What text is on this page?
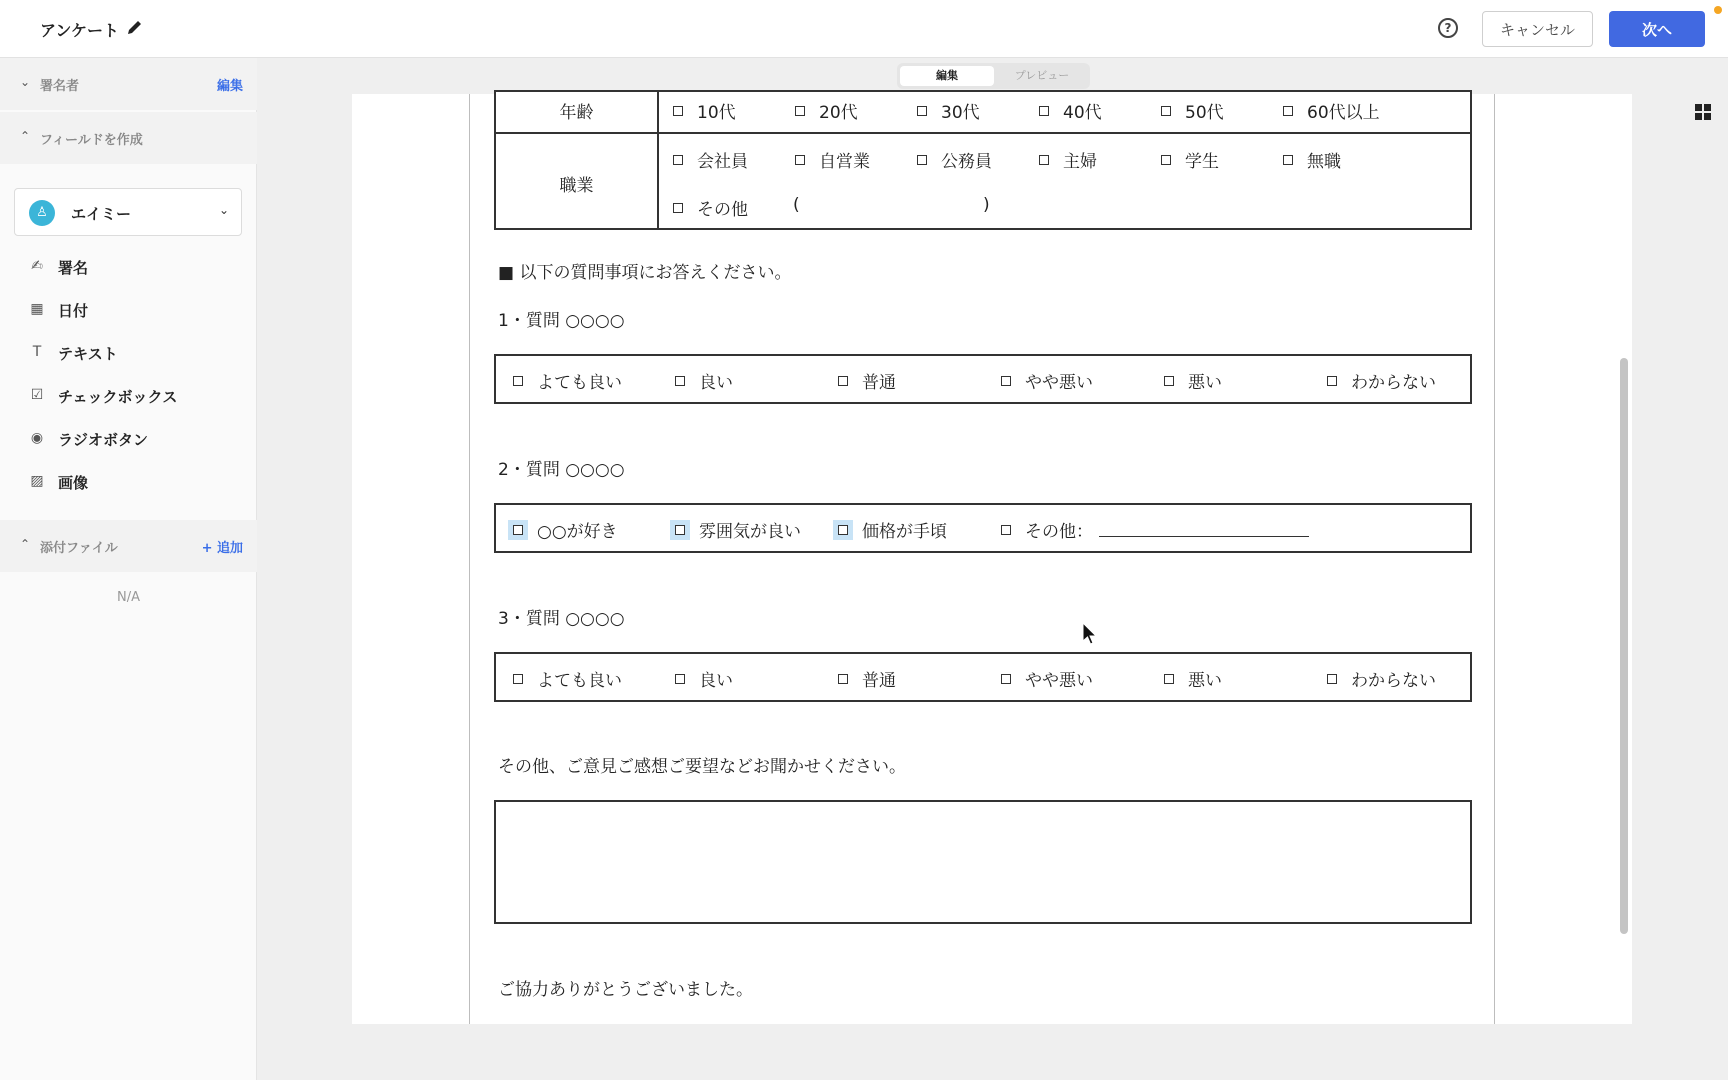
アンケート	?	キャンセル	次へ
⌄ 署名者	編集
⌃ フィールドを作成
♙	エイミー	⌄
✍ 署名
▦ 日付
T	テキスト
☑ チェックボックス
◉ ラジオボタン
▨ 画像
⌃ 添付ファイル	+ 追加
N/A
編集	プレビュー
年齢	10代	20代	30代	40代	50代	60代以上
職業
会社員	自営業	公務員	主婦	学生	無職
その他	(	)
■ 以下の質問事項にお答えください。
1・質問 ○○○○
よても良い	良い	普通	やや悪い	悪い	わからない
2・質問 ○○○○
○○が好き	雰囲気が良い	価格が手頃	その他：
3・質問 ○○○○
よても良い	良い	普通	やや悪い	悪い	わからない
その他、ご意見ご感想ご要望などお聞かせください。
ご協力ありがとうございました。
